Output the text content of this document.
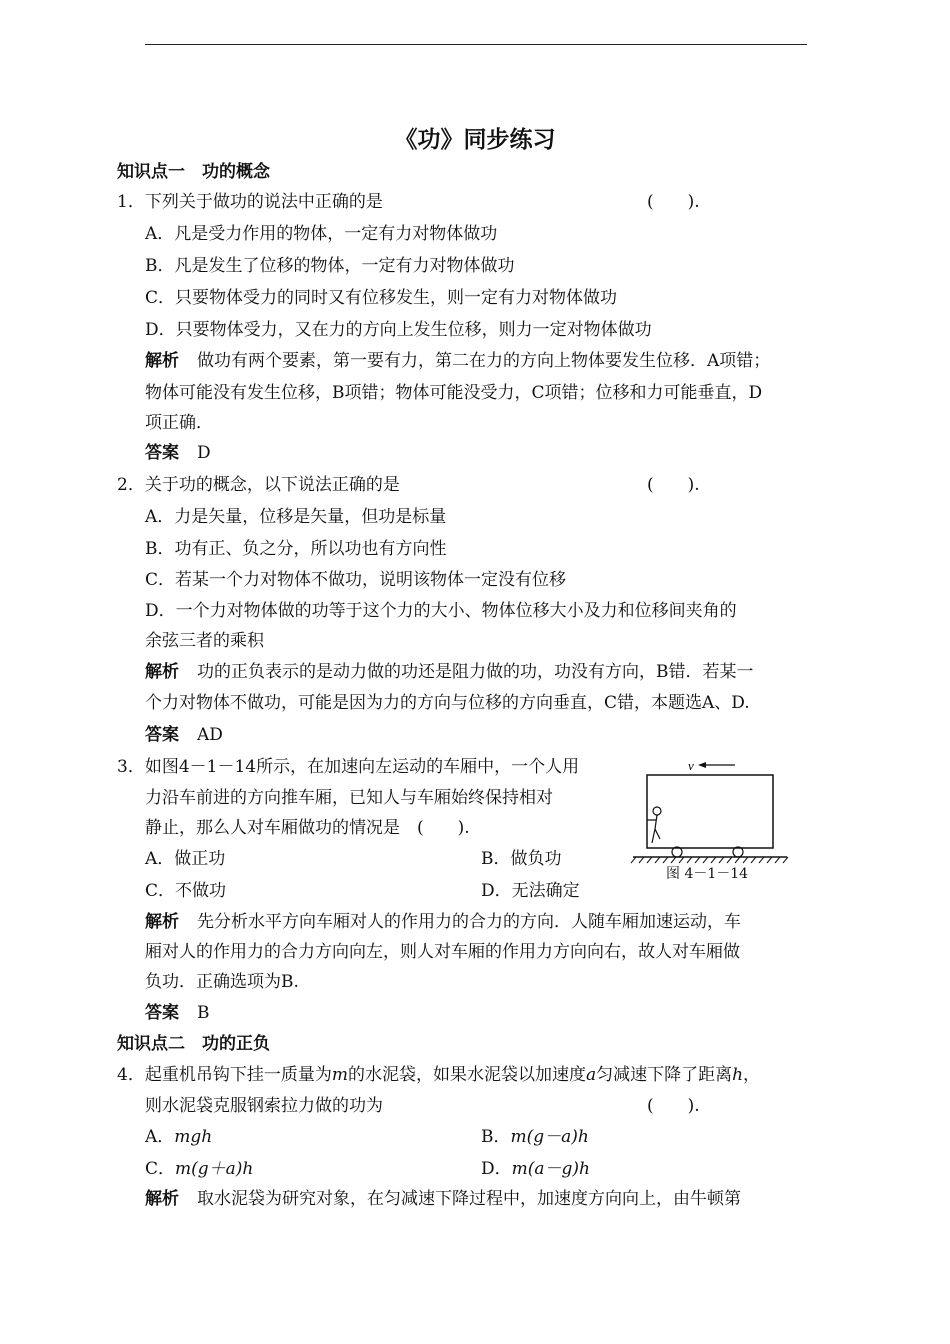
《功》同步练习
知识点一　功的概念
1．下列关于做功的说法中正确的是	(　　).
A．凡是受力作用的物体，一定有力对物体做功
B．凡是发生了位移的物体，一定有力对物体做功
C．只要物体受力的同时又有位移发生，则一定有力对物体做功
D．只要物体受力，又在力的方向上发生位移，则力一定对物体做功
解析 做功有两个要素，第一要有力，第二在力的方向上物体要发生位移．A项错；
物体可能没有发生位移，B项错；物体可能没受力，C项错；位移和力可能垂直，D
项正确．
答案 D
2．关于功的概念，以下说法正确的是	(　　).
A．力是矢量，位移是矢量，但功是标量
B．功有正、负之分，所以功也有方向性
C．若某一个力对物体不做功，说明该物体一定没有位移
D．一个力对物体做的功等于这个力的大小、物体位移大小及力和位移间夹角的
余弦三者的乘积
解析 功的正负表示的是动力做的功还是阻力做的功，功没有方向，B错．若某一
个力对物体不做功，可能是因为力的方向与位移的方向垂直，C错，本题选A、D.
答案 AD
3．如图4－1－14所示，在加速向左运动的车厢中，一个人用
力沿车前进的方向推车厢，已知人与车厢始终保持相对
静止，那么人对车厢做功的情况是　 (　　).
A．做正功	B．做负功
C．不做功	D．无法确定
v
图 4－1－14
解析 先分析水平方向车厢对人的作用力的合力的方向．人随车厢加速运动，车
厢对人的作用力的合力方向向左，则人对车厢的作用力方向向右，故人对车厢做
负功．正确选项为B.
答案 B
知识点二　功的正负
4．起重机吊钩下挂一质量为m的水泥袋，如果水泥袋以加速度a匀减速下降了距离h，
则水泥袋克服钢索拉力做的功为	(　　).
A．mgh	B．m(g－a)h
C．m(g＋a)h	D．m(a－g)h
解析 取水泥袋为研究对象，在匀减速下降过程中，加速度方向向上，由牛顿第
